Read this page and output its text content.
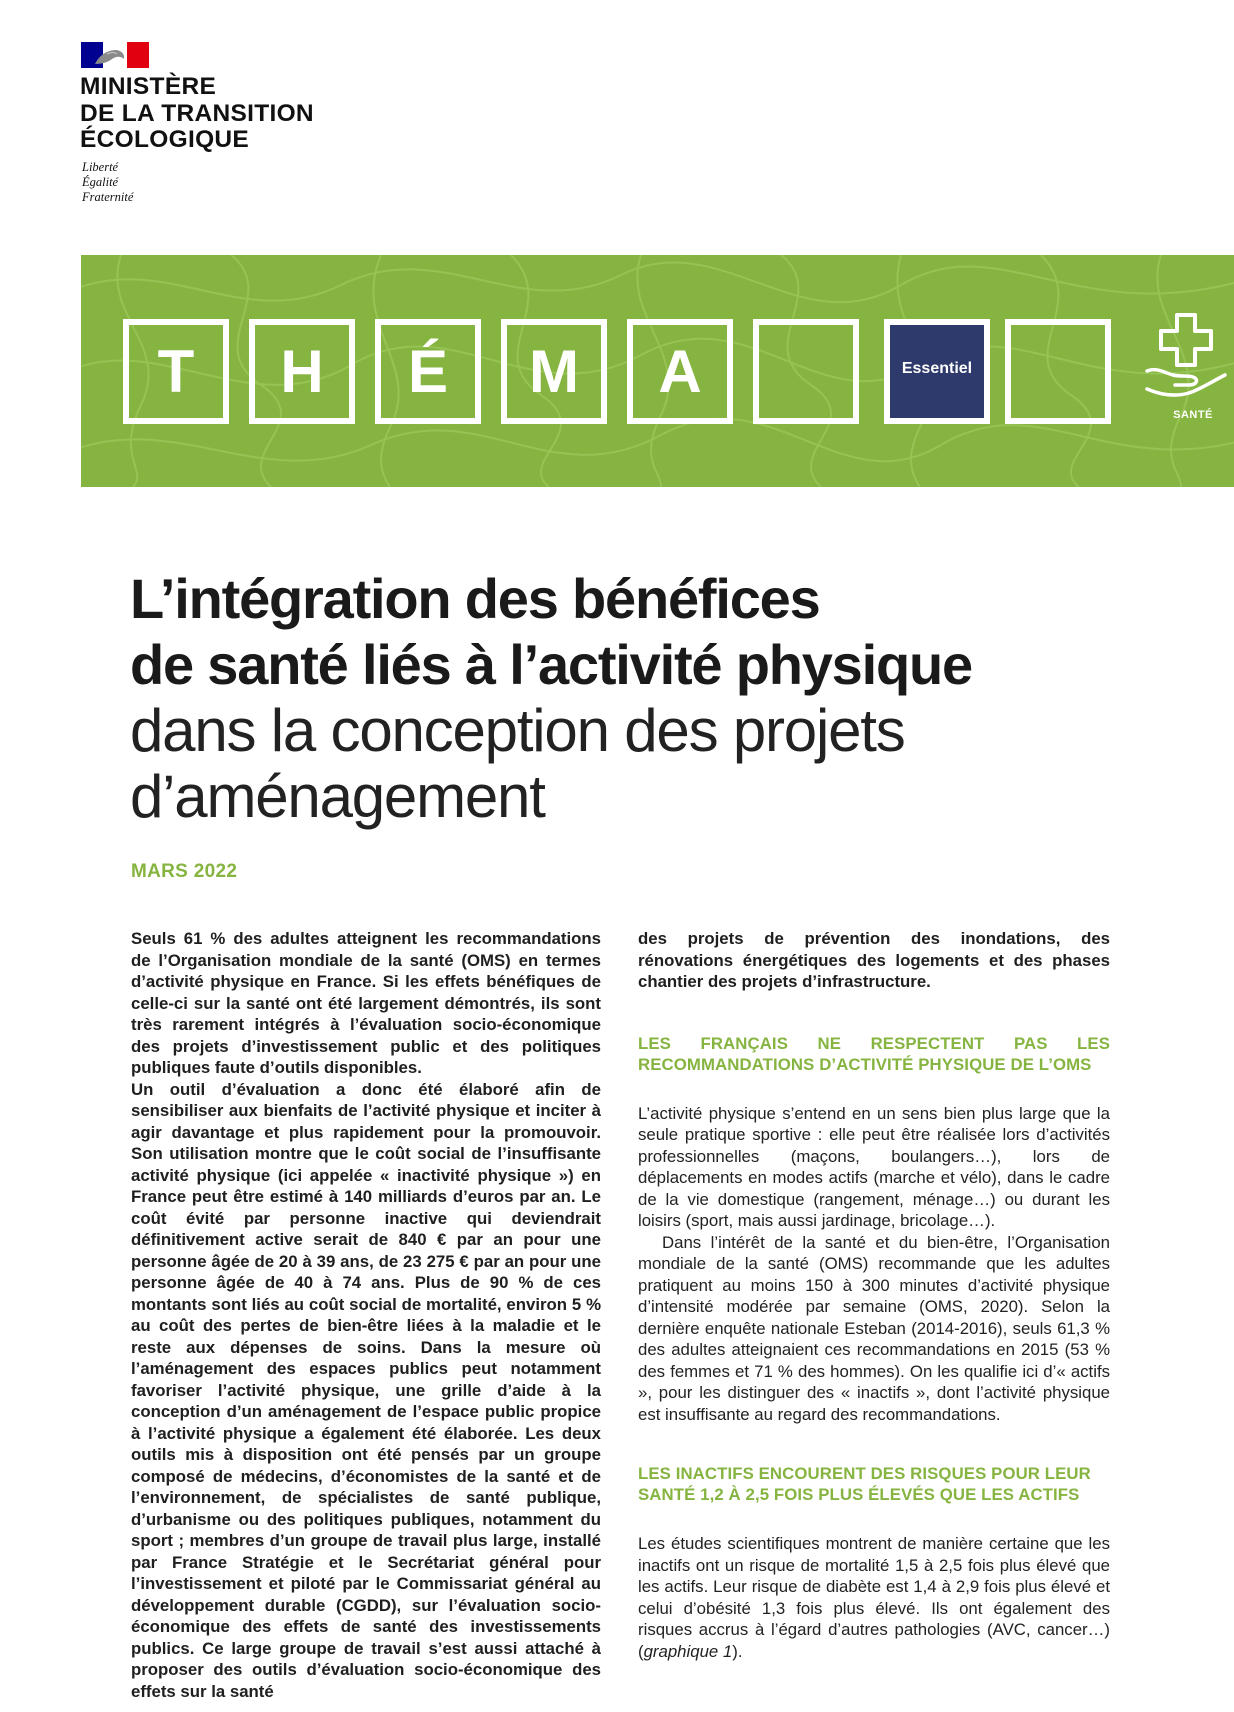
MINISTÈRE
DE LA TRANSITION
ÉCOLOGIQUE
Liberté
Égalité
Fraternité
T	H	É	M	A	Essentiel
SANTÉ
L’intégration des bénéfices
de santé liés à l’activité physique
dans la conception des projets
d’aménagement
MARS 2022

Seuls 61 % des adultes atteignent les recommandations de l’Organisation mondiale de la santé (OMS) en termes d’activité physique en France. Si les effets bénéfiques de celle-ci sur la santé ont été largement démontrés, ils sont très rarement intégrés à l’évaluation socio-économique des projets d’investissement public et des politiques publiques faute d’outils disponibles.

Un outil d’évaluation a donc été élaboré afin de sensibiliser aux bienfaits de l’activité physique et inciter à agir davantage et plus rapidement pour la promouvoir. Son utilisation montre que le coût social de l’insuffisante activité physique (ici appelée « inactivité physique ») en France peut être estimé à 140 milliards d’euros par an. Le coût évité par personne inactive qui deviendrait définitivement active serait de 840 € par an pour une personne âgée de 20 à 39 ans, de 23 275 € par an pour une personne âgée de 40 à 74 ans. Plus de 90 % de ces montants sont liés au coût social de mortalité, environ 5 % au coût des pertes de bien-être liées à la maladie et le reste aux dépenses de soins. Dans la mesure où l’aménagement des espaces publics peut notamment favoriser l’activité physique, une grille d’aide à la conception d’un aménagement de l’espace public propice à l’activité physique a également été élaborée. Les deux outils mis à disposition ont été pensés par un groupe composé de médecins, d’économistes de la santé et de l’environnement, de spécialistes de santé publique, d’urbanisme ou des politiques publiques, notamment du sport ; membres d’un groupe de travail plus large, installé par France Stratégie et le Secrétariat général pour l’investissement et piloté par le Commissariat général au développement durable (CGDD), sur l’évaluation socio-économique des effets de santé des investissements publics. Ce large groupe de travail s’est aussi attaché à proposer des outils d’évaluation socio-économique des effets sur la santé

des projets de prévention des inondations, des rénovations énergétiques des logements et des phases chantier des projets d’infrastructure.

LES FRANÇAIS NE RESPECTENT PAS LES RECOMMANDATIONS D’ACTIVITÉ PHYSIQUE DE L’OMS

L’activité physique s’entend en un sens bien plus large que la seule pratique sportive : elle peut être réalisée lors d’activités professionnelles (maçons, boulangers…), lors de déplacements en modes actifs (marche et vélo), dans le cadre de la vie domestique (rangement, ménage…) ou durant les loisirs (sport, mais aussi jardinage, bricolage…).

Dans l’intérêt de la santé et du bien-être, l’Organisation mondiale de la santé (OMS) recommande que les adultes pratiquent au moins 150 à 300 minutes d’activité physique d’intensité modérée par semaine (OMS, 2020). Selon la dernière enquête nationale Esteban (2014-2016), seuls 61,3 % des adultes atteignaient ces recommandations en 2015 (53 % des femmes et 71 % des hommes). On les qualifie ici d’« actifs », pour les distinguer des « inactifs », dont l’activité physique est insuffisante au regard des recommandations.

LES INACTIFS ENCOURENT DES RISQUES POUR LEUR SANTÉ 1,2 À 2,5 FOIS PLUS ÉLEVÉS QUE LES ACTIFS

Les études scientifiques montrent de manière certaine que les inactifs ont un risque de mortalité 1,5 à 2,5 fois plus élevé que les actifs. Leur risque de diabète est 1,4 à 2,9 fois plus élevé et celui d’obésité 1,3 fois plus élevé. Ils ont également des risques accrus à l’égard d’autres pathologies (AVC, cancer…) (graphique 1).
